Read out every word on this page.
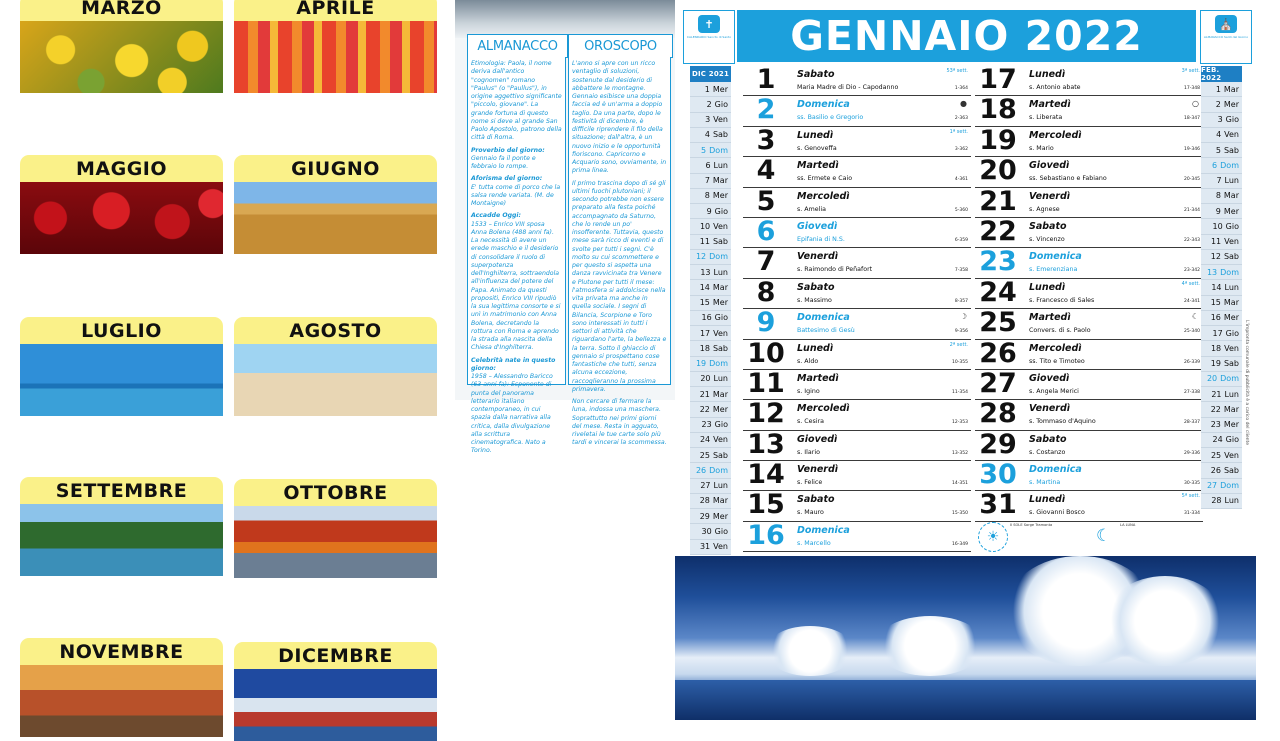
MARZO	APRILE
MAGGIO	GIUGNO
LUGLIO	AGOSTO
SETTEMBRE	OTTOBRE
NOVEMBRE	DICEMBRE
ALMANACCO	OROSCOPO

Etimologia: Paola, il nome deriva dall'antico "cognomen" romano "Paulus" (o "Paullus"), in origine aggettivo significante "piccolo, giovane". La grande fortuna di questo nome si deve al grande San Paolo Apostolo, patrono della città di Roma.

Proverbio del giorno:
Gennaio fa il ponte e febbraio lo rompe.

Aforisma del giorno:
E' tutta come di porco che la salsa rende variata. (M. de Montaigne)

Accadde Oggi:
1533 – Enrico VIII sposa Anna Bolena (488 anni fa). La necessità di avere un erede maschio e il desiderio di consolidare il ruolo di superpotenza dell'Inghilterra, sottraendola all'influenza del potere del Papa. Animato da questi propositi, Enrico VIII ripudiò la sua legittima consorte e si unì in matrimonio con Anna Bolena, decretando la rottura con Roma e aprendo la strada alla nascita della Chiesa d'Inghilterra.

Celebrità nate in questo giorno:
1958 – Alessandro Baricco (63 anni fa): Esponente di punta del panorama letterario italiano contemporaneo, in cui spazia dalla narrativa alla critica, dalla divulgazione alla scrittura cinematografica. Nato a Torino.

L'anno si apre con un ricco ventaglio di soluzioni, sostenute dal desiderio di abbattere le montagne. Gennaio esibisce una doppia faccia ed è un'arma a doppio taglio. Da una parte, dopo le festività di dicembre, è difficile riprendere il filo della situazione; dall'altra, è un nuovo inizio e le opportunità fioriscono. Capricorno e Acquario sono, ovviamente, in prima linea.

Il primo trascina dopo di sé gli ultimi fuochi plutoniani; il secondo potrebbe non essere preparato alla festa poiché accompagnato da Saturno, che lo rende un po' insofferente. Tuttavia, questo mese sarà ricco di eventi e di svolte per tutti i segni. C'è molto su cui scommettere e per questo si aspetta una danza ravvicinata tra Venere e Plutone per tutti il mese: l'atmosfera si addolcisce nella vita privata ma anche in quella sociale. I segni di Bilancia, Scorpione e Toro sono interessati in tutti i settori di attività che riguardano l'arte, la bellezza e la terra. Sotto il ghiaccio di gennaio si prospettano cose fantastiche che tutti, senza alcuna eccezione, raccoglieranno la prossima primavera.

Non cercare di fermare la luna, indossa una maschera. Soprattutto nei primi giorni del mese. Resta in agguato, riveletai le tue carte solo più tardi e vincerai la scommessa.

✝
CALENDARIO Sancto di Santo	GENNAIO 2022	⛪
ALMANACCO Santi del Giorno
DIC 2021
1 Mer
2 Gio
3 Ven
4 Sab
5 Dom
6 Lun
7 Mar
8 Mer
9 Gio
10 Ven
11 Sab
12 Dom
13 Lun
14 Mar
15 Mer
16 Gio
17 Ven
18 Sab
19 Dom
20 Lun
21 Mar
22 Mer
23 Gio
24 Ven
25 Sab
26 Dom
27 Lun
28 Mar
29 Mer
30 Gio
31 Ven
1	Sabato
Maria Madre di Dio - Capodanno	1-364
53ª sett.
2	Domenica
ss. Basilio e Gregorio	2-363
●
3	Lunedì
s. Genoveffa	3-362
1ª sett.
4	Martedì
ss. Ermete e Caio	4-361
5	Mercoledì
s. Amelia	5-360
6	Giovedì
Epifania di N.S.	6-359
7	Venerdì
s. Raimondo di Peñafort	7-358
8	Sabato
s. Massimo	8-357
9	Domenica
Battesimo di Gesù	9-356
☽
10	Lunedì
s. Aldo	10-355
2ª sett.
11	Martedì
s. Igino	11-354
12	Mercoledì
s. Cesira	12-353
13	Giovedì
s. Ilario	13-352
14	Venerdì
s. Felice	14-351
15	Sabato
s. Mauro	15-350
16	Domenica
s. Marcello	16-349
17	Lunedì
s. Antonio abate	17-348
3ª sett.
18	Martedì
s. Liberata	18-347
○
19	Mercoledì
s. Mario	19-346
20	Giovedì
ss. Sebastiano e Fabiano	20-345
21	Venerdì
s. Agnese	21-344
22	Sabato
s. Vincenzo	22-343
23	Domenica
s. Emerenziana	23-342
24	Lunedì
s. Francesco di Sales	24-341
4ª sett.
25	Martedì
Convers. di s. Paolo	25-340
☾
26	Mercoledì
ss. Tito e Timoteo	26-339
27	Giovedì
s. Angela Merici	27-338
28	Venerdì
s. Tommaso d'Aquino	28-337
29	Sabato
s. Costanzo	29-336
30	Domenica
s. Martina	30-335
31	Lunedì
s. Giovanni Bosco	31-334
5ª sett.
FEB. 2022
1 Mar
2 Mer
3 Gio
4 Ven
5 Sab
6 Dom
7 Lun
8 Mar
9 Mer
10 Gio
11 Ven
12 Sab
13 Dom
14 Lun
15 Mar
16 Mer
17 Gio
18 Ven
19 Sab
20 Dom
21 Lun
22 Mar
23 Mer
24 Gio
25 Ven
26 Sab
27 Dom
28 Lun
☀
Il SOLE Sorge Tramonta
☾
LA LUNA
L'impronta comunale di pubblicità è a carico del cliente
